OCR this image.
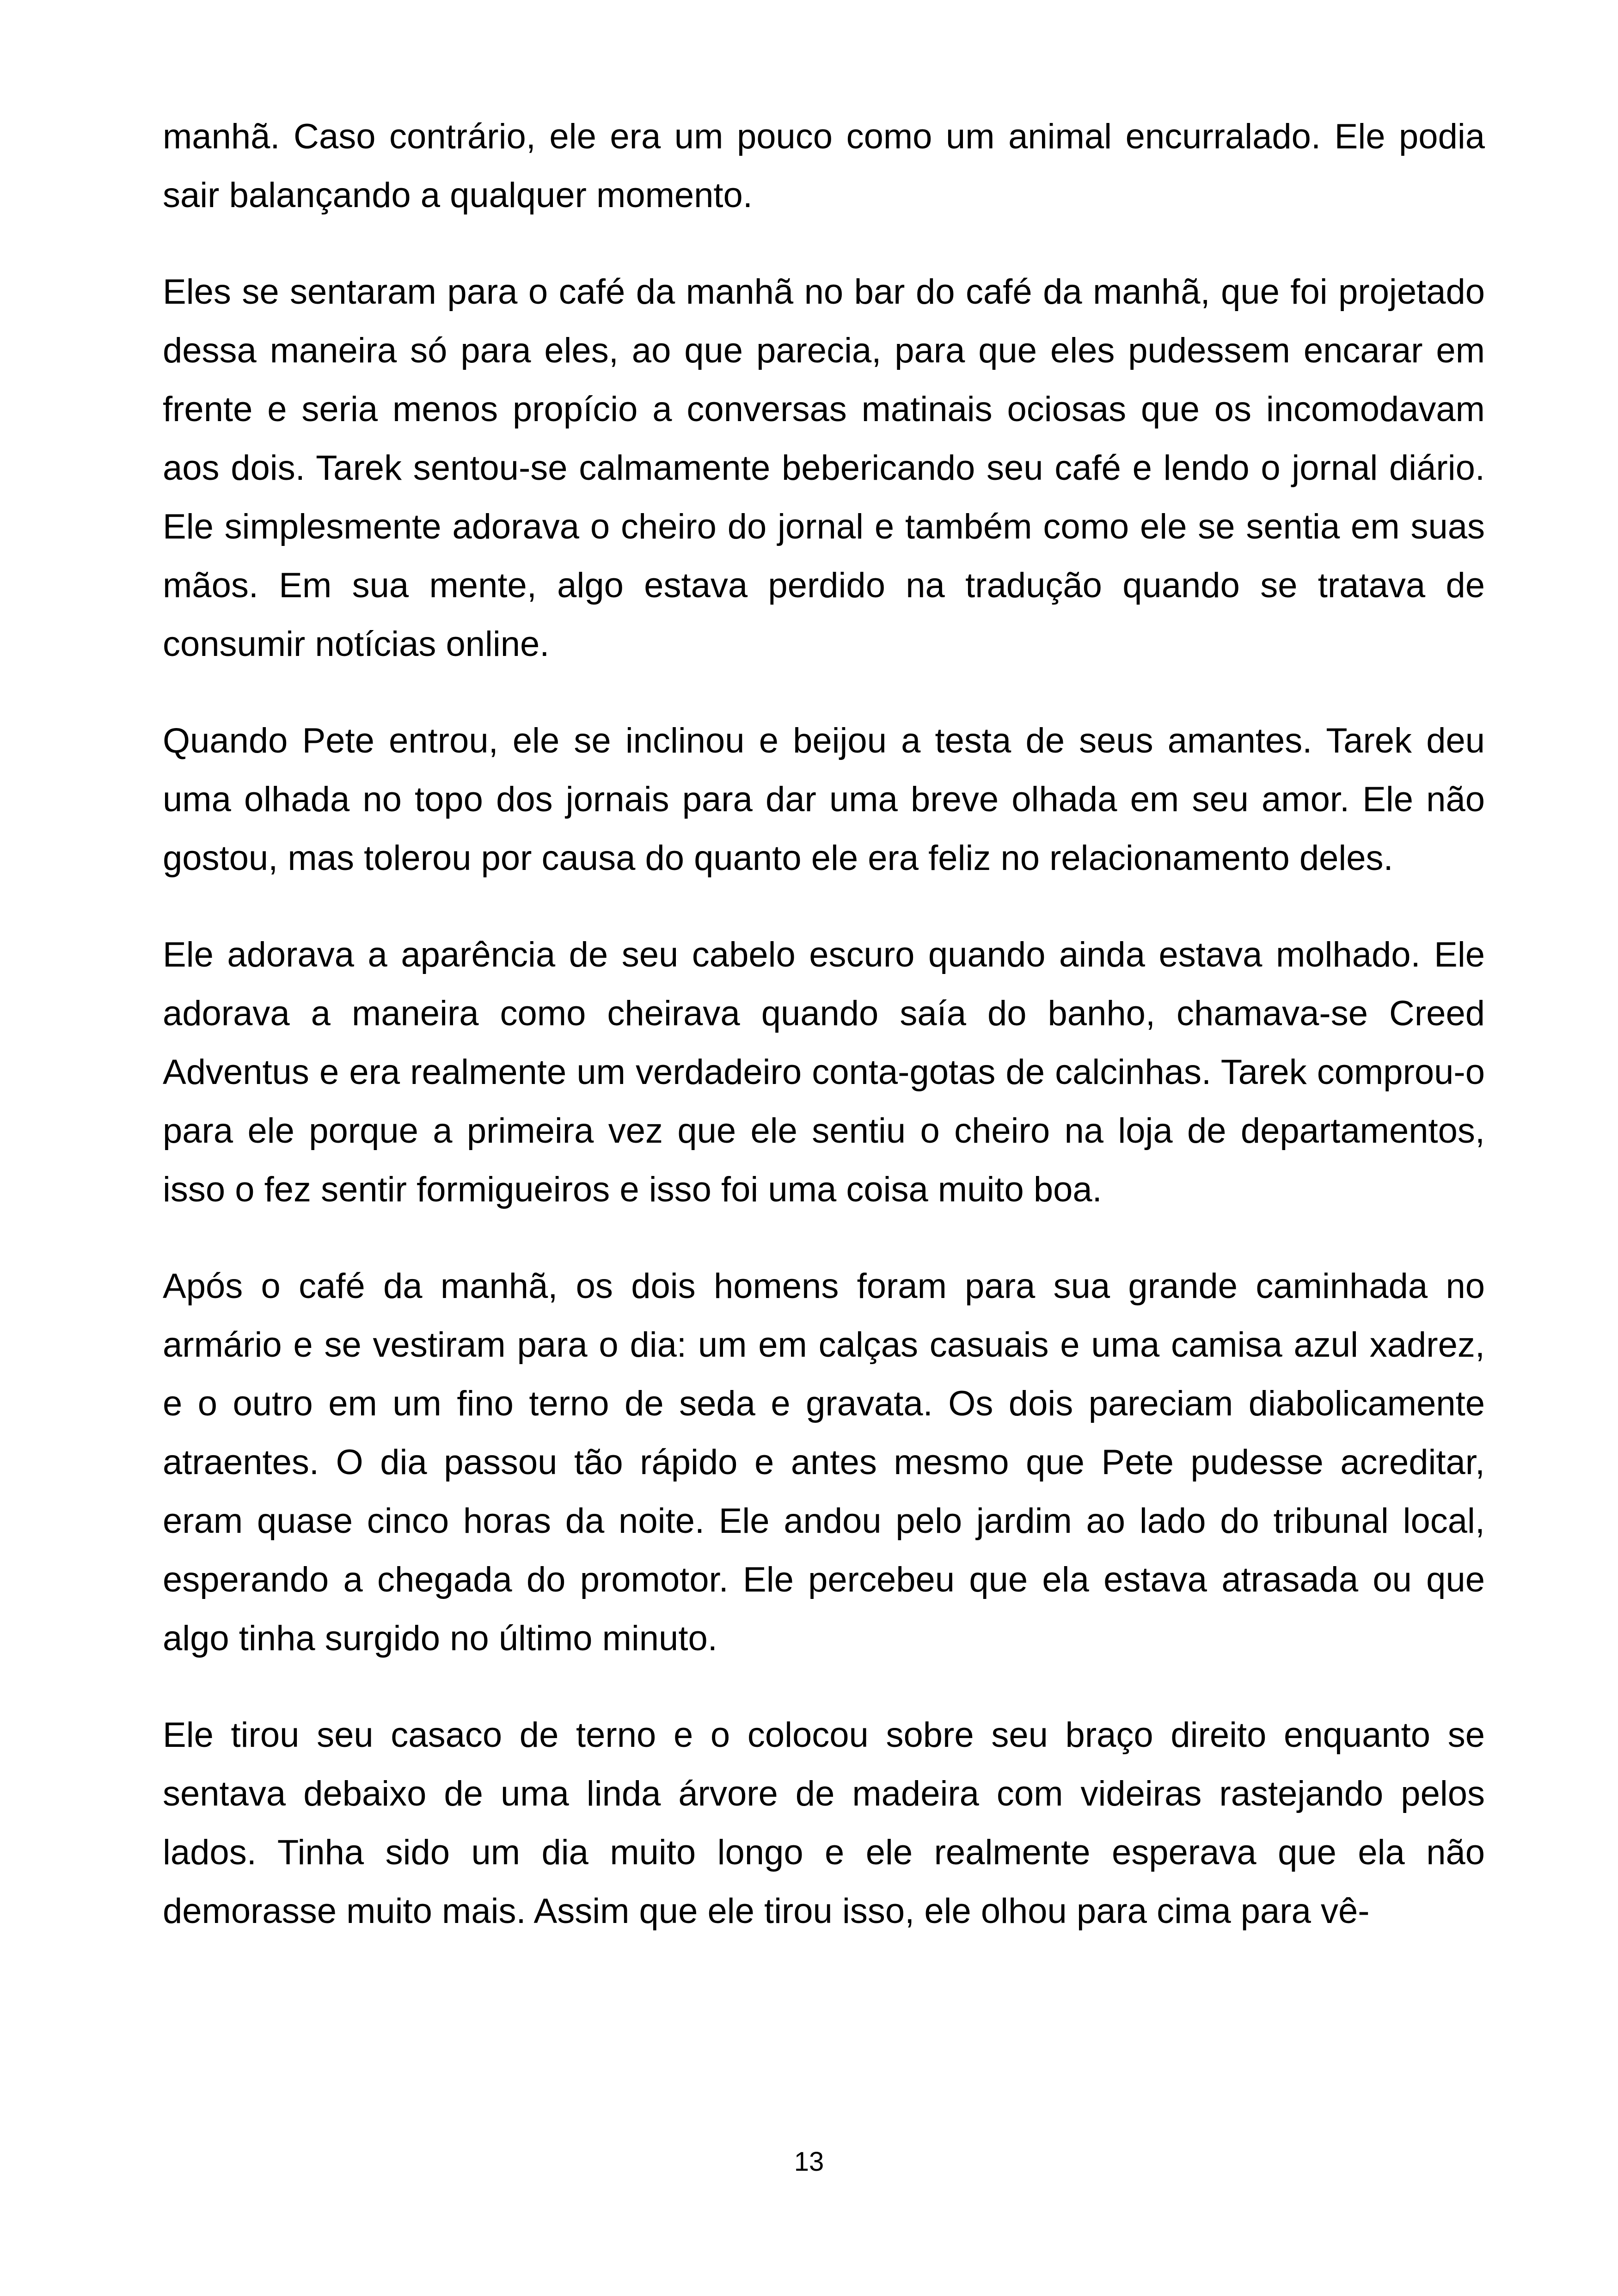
manhã. Caso contrário, ele era um pouco como um animal encurralado. Ele podia sair balançando a qualquer momento.

Eles se sentaram para o café da manhã no bar do café da manhã, que foi projetado dessa maneira só para eles, ao que parecia, para que eles pudessem encarar em frente e seria menos propício a conversas matinais ociosas que os incomodavam aos dois. Tarek sentou-se calmamente bebericando seu café e lendo o jornal diário. Ele simplesmente adorava o cheiro do jornal e também como ele se sentia em suas mãos. Em sua mente, algo estava perdido na tradução quando se tratava de consumir notícias online.

Quando Pete entrou, ele se inclinou e beijou a testa de seus amantes. Tarek deu uma olhada no topo dos jornais para dar uma breve olhada em seu amor. Ele não gostou, mas tolerou por causa do quanto ele era feliz no relacionamento deles.

Ele adorava a aparência de seu cabelo escuro quando ainda estava molhado. Ele adorava a maneira como cheirava quando saía do banho, chamava-se Creed Adventus e era realmente um verdadeiro conta-gotas de calcinhas. Tarek comprou-o para ele porque a primeira vez que ele sentiu o cheiro na loja de departamentos, isso o fez sentir formigueiros e isso foi uma coisa muito boa.

Após o café da manhã, os dois homens foram para sua grande caminhada no armário e se vestiram para o dia: um em calças casuais e uma camisa azul xadrez, e o outro em um fino terno de seda e gravata. Os dois pareciam diabolicamente atraentes. O dia passou tão rápido e antes mesmo que Pete pudesse acreditar, eram quase cinco horas da noite. Ele andou pelo jardim ao lado do tribunal local, esperando a chegada do promotor. Ele percebeu que ela estava atrasada ou que algo tinha surgido no último minuto.

Ele tirou seu casaco de terno e o colocou sobre seu braço direito enquanto se sentava debaixo de uma linda árvore de madeira com videiras rastejando pelos lados. Tinha sido um dia muito longo e ele realmente esperava que ela não demorasse muito mais. Assim que ele tirou isso, ele olhou para cima para vê-

13
